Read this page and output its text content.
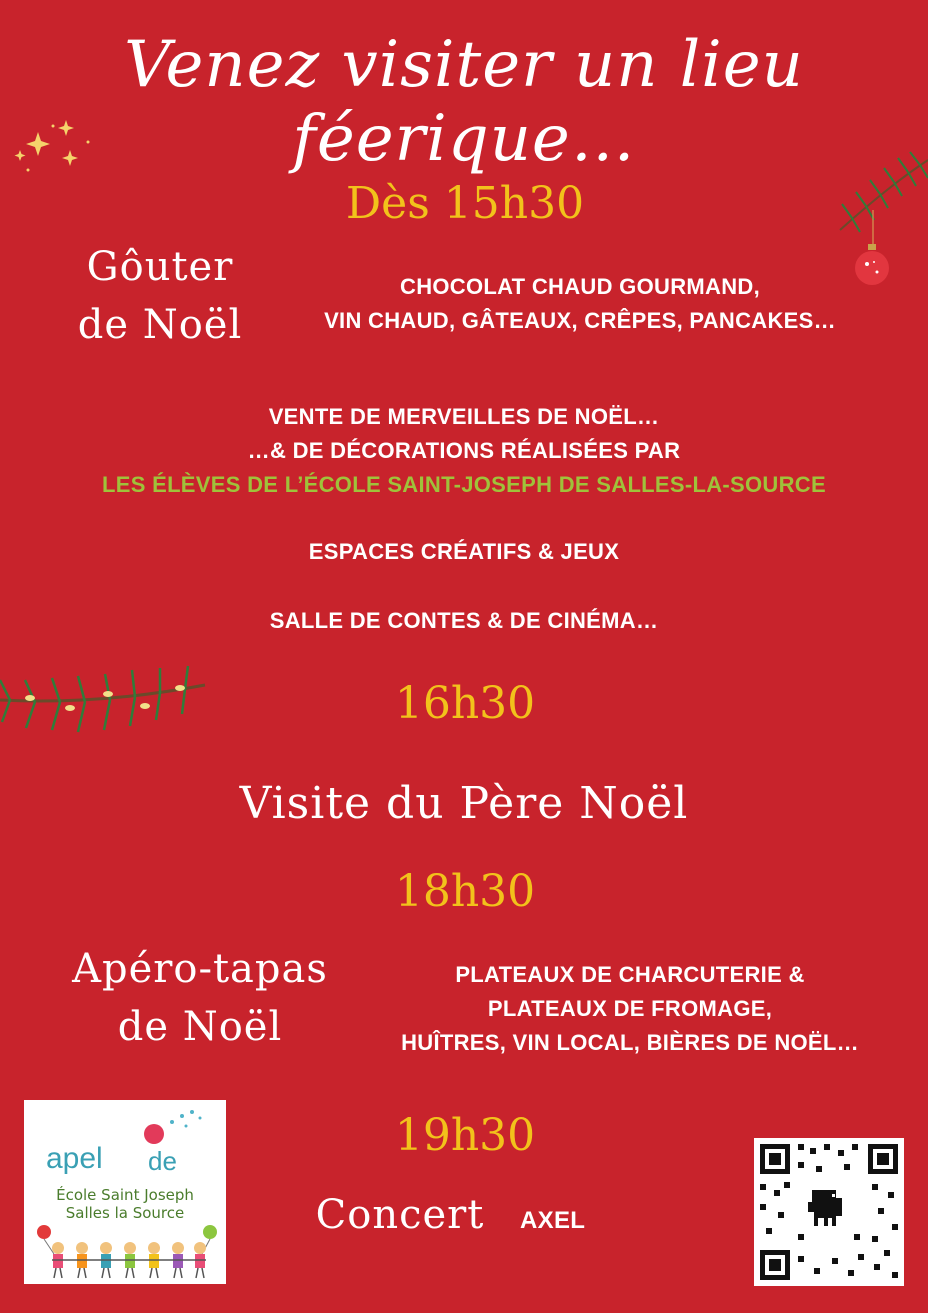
Venez visiter un lieu féerique…
Dès 15h30
Gôuter
de Noël
CHOCOLAT CHAUD GOURMAND,
VIN CHAUD, GÂTEAUX, CRÊPES, PANCAKES…
VENTE DE MERVEILLES DE NOËL…
…& DE DÉCORATIONS RÉALISÉES PAR
LES ÉLÈVES DE L’ÉCOLE SAINT-JOSEPH DE SALLES-LA-SOURCE
ESPACES CRÉATIFS & JEUX
SALLE DE CONTES & DE CINÉMA…
16h30
Visite du Père Noël
18h30
Apéro-tapas
de Noël
PLATEAUX DE CHARCUTERIE &
PLATEAUX DE FROMAGE,
HUÎTRES, VIN LOCAL, BIÈRES DE NOËL…
19h30
Concert	AXEL
apel de
École Saint Joseph
Salles la Source
